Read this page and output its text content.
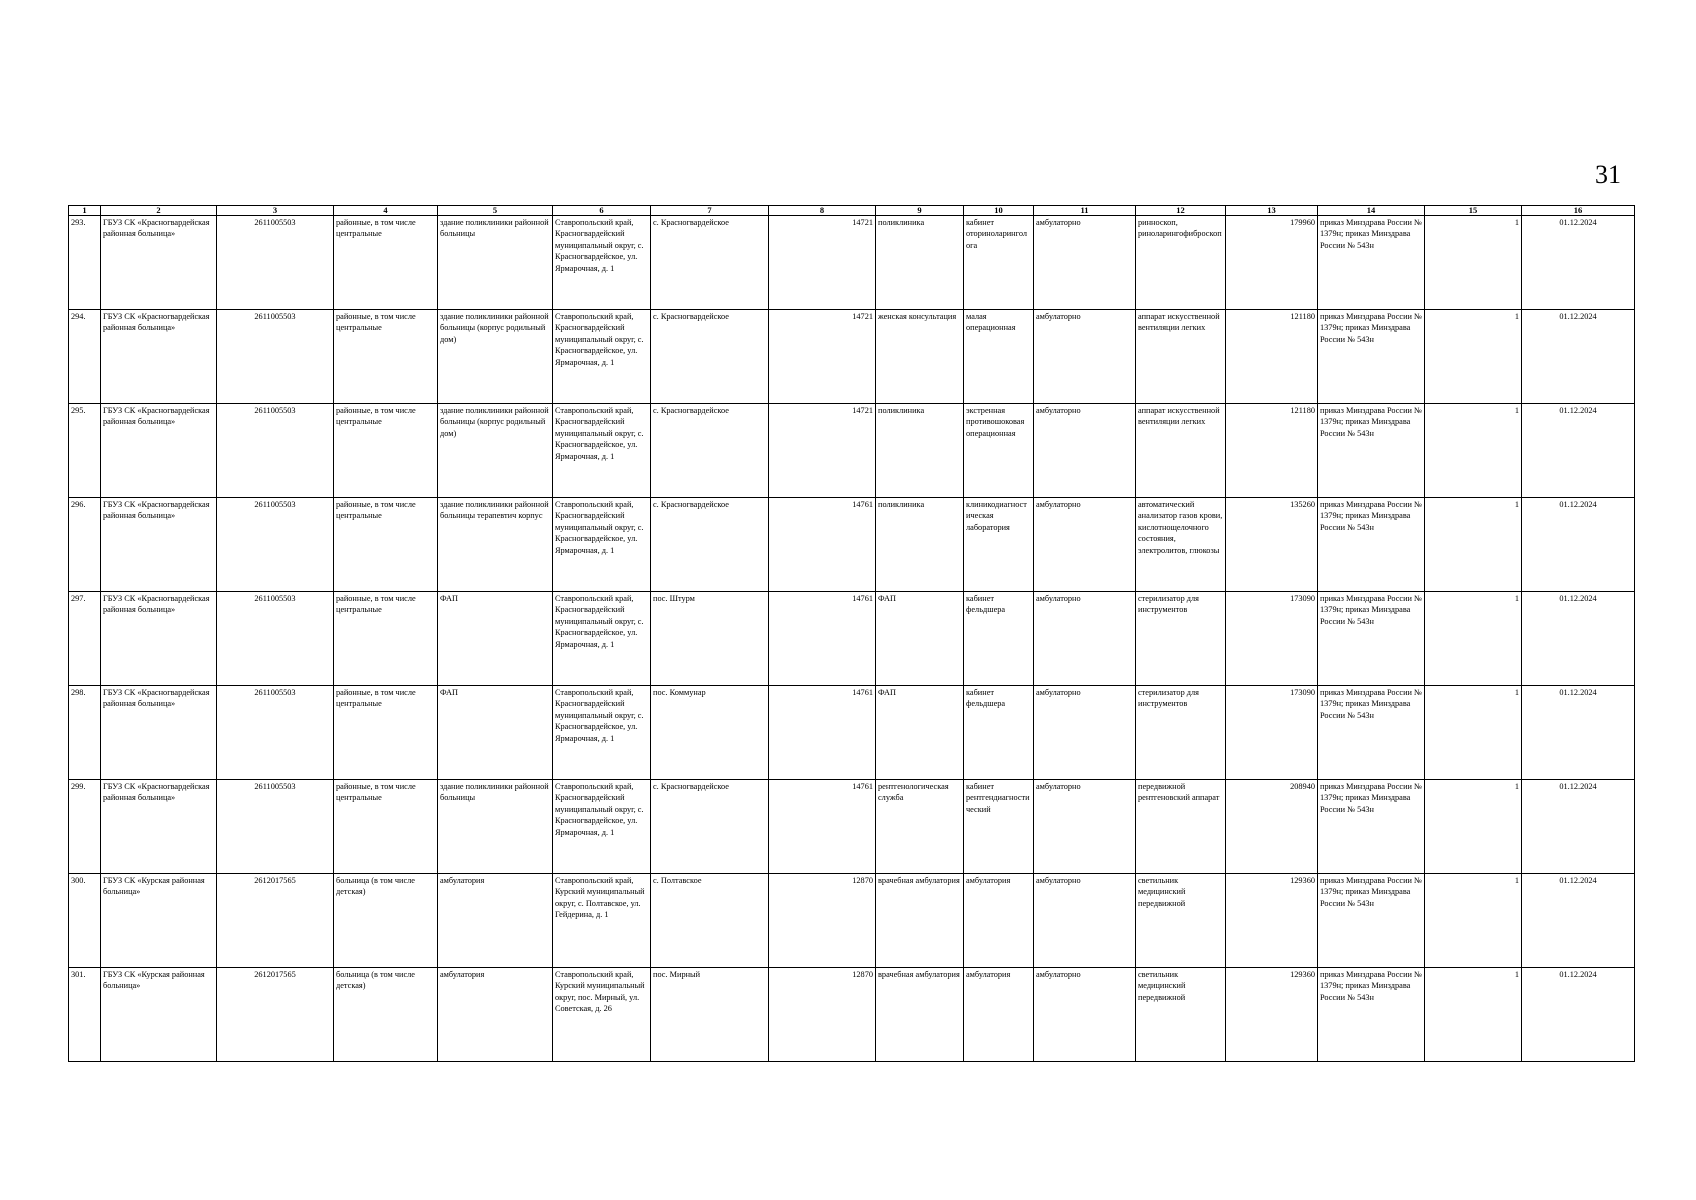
31
1	2	3	4	5	6	7	8	9	10	11	12	13	14	15	16
293.	ГБУЗ СК «Красногвардейская районная больница»	2611005503	районные, в том числе центральные	здание поликлиники районной больницы	Ставропольский край, Красногвардейский муниципальный округ, с. Красногвардейское, ул. Ярмарочная, д. 1	с. Красногвардейское	14721	поликлиника	кабинет оториноларинголога	амбулаторно	ринноскоп, риноларингофиброскоп	179960	приказ Минздрава России № 1379н; приказ Минздрава России № 543н	1	01.12.2024
294.	ГБУЗ СК «Красногвардейская районная больница»	2611005503	районные, в том числе центральные	здание поликлиники районной больницы (корпус родильный дом)	Ставропольский край, Красногвардейский муниципальный округ, с. Красногвардейское, ул. Ярмарочная, д. 1	с. Красногвардейское	14721	женская консультация	малая операционная	амбулаторно	аппарат искусственной вентиляции легких	121180	приказ Минздрава России № 1379н; приказ Минздрава России № 543н	1	01.12.2024
295.	ГБУЗ СК «Красногвардейская районная больница»	2611005503	районные, в том числе центральные	здание поликлиники районной больницы (корпус родильный дом)	Ставропольский край, Красногвардейский муниципальный округ, с. Красногвардейское, ул. Ярмарочная, д. 1	с. Красногвардейское	14721	поликлиника	экстренная противошоковая операционная	амбулаторно	аппарат искусственной вентиляции легких	121180	приказ Минздрава России № 1379н; приказ Минздрава России № 543н	1	01.12.2024
296.	ГБУЗ СК «Красногвардейская районная больница»	2611005503	районные, в том числе центральные	здание поликлиники районной больницы терапевтич корпус	Ставропольский край, Красногвардейский муниципальный округ, с. Красногвардейское, ул. Ярмарочная, д. 1	с. Красногвардейское	14761	поликлиника	клиникодиагностическая лаборатория	амбулаторно	автоматический анализатор газов крови, кислотнощелочного состояния, электролитов, глюкозы	135260	приказ Минздрава России № 1379н; приказ Минздрава России № 543н	1	01.12.2024
297.	ГБУЗ СК «Красногвардейская районная больница»	2611005503	районные, в том числе центральные	ФАП	Ставропольский край, Красногвардейский муниципальный округ, с. Красногвардейское, ул. Ярмарочная, д. 1	пос. Штурм	14761	ФАП	кабинет фельдшера	амбулаторно	стерилизатор для инструментов	173090	приказ Минздрава России № 1379н; приказ Минздрава России № 543н	1	01.12.2024
298.	ГБУЗ СК «Красногвардейская районная больница»	2611005503	районные, в том числе центральные	ФАП	Ставропольский край, Красногвардейский муниципальный округ, с. Красногвардейское, ул. Ярмарочная, д. 1	пос. Коммунар	14761	ФАП	кабинет фельдшера	амбулаторно	стерилизатор для инструментов	173090	приказ Минздрава России № 1379н; приказ Минздрава России № 543н	1	01.12.2024
299.	ГБУЗ СК «Красногвардейская районная больница»	2611005503	районные, в том числе центральные	здание поликлиники районной больницы	Ставропольский край, Красногвардейский муниципальный округ, с. Красногвардейское, ул. Ярмарочная, д. 1	с. Красногвардейское	14761	рентгенологическая служба	кабинет рентгендиагностический	амбулаторно	передвижной рентгеновский аппарат	208940	приказ Минздрава России № 1379н; приказ Минздрава России № 543н	1	01.12.2024
300.	ГБУЗ СК «Курская районная больница»	2612017565	больница (в том числе детская)	амбулатория	Ставропольский край, Курский муниципальный округ, с. Полтавское, ул. Гейдерина, д. 1	с. Полтавское	12870	врачебная амбулатория	амбулатория	амбулаторно	светильник медицинский передвижной	129360	приказ Минздрава России № 1379н; приказ Минздрава России № 543н	1	01.12.2024
301.	ГБУЗ СК «Курская районная больница»	2612017565	больница (в том числе детская)	амбулатория	Ставропольский край, Курский муниципальный округ, пос. Мирный, ул. Советская, д. 26	пос. Мирный	12870	врачебная амбулатория	амбулатория	амбулаторно	светильник медицинский передвижной	129360	приказ Минздрава России № 1379н; приказ Минздрава России № 543н	1	01.12.2024
